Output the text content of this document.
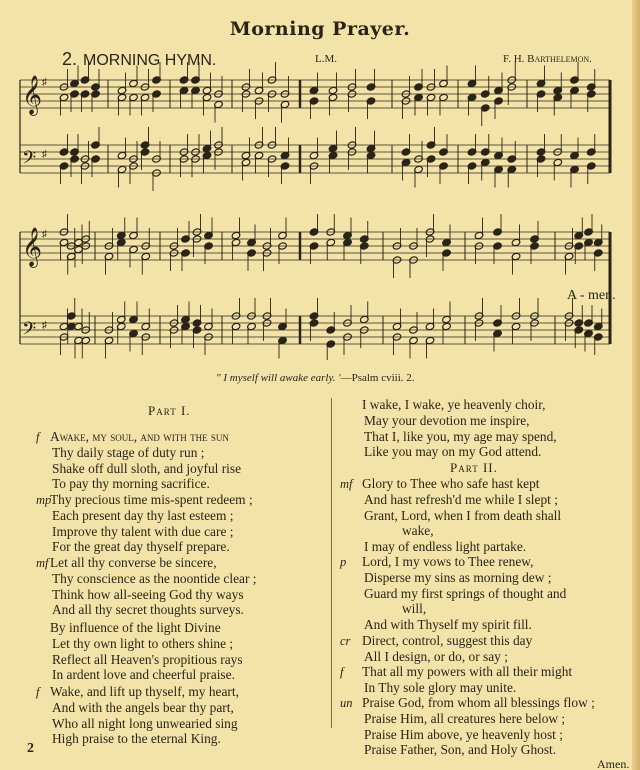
Morning Prayer.
2. MORNING HYMN.	L.M.	F. H. Barthelemon.
𝄞 ♯
𝄢 ♯
𝄞 ♯
𝄢 ♯
A - men.
" I myself will awake early. '—Psalm cviii. 2.
Part I.
Part II.
f Awake, my soul, and with the sun
Thy daily stage of duty run ;
Shake off dull sloth, and joyful rise
To pay thy morning sacrifice.
mp
Thy precious time mis-spent redeem ;
Each present day thy last esteem ;
Improve thy talent with due care ;
For the great day thyself prepare.
mf Let all thy converse be sincere,
Thy conscience as the noontide clear ;
Think how all-seeing God thy ways
And all thy secret thoughts surveys.
By influence of the light Divine
Let thy own light to others shine ;
Reflect all Heaven's propitious rays
In ardent love and cheerful praise.
f Wake, and lift up thyself, my heart,
And with the angels bear thy part,
Who all night long unwearied sing
High praise to the eternal King.
I wake, I wake, ye heavenly choir,
May your devotion me inspire,
That I, like you, my age may spend,
Like you may on my God attend.
mf Glory to Thee who safe hast kept
And hast refresh'd me while I slept ;
Grant, Lord, when I from death shall
wake,
I may of endless light partake.
p Lord, I my vows to Thee renew,
Disperse my sins as morning dew ;
Guard my first springs of thought and
will,
And with Thyself my spirit fill.
cr Direct, control, suggest this day
All I design, or do, or say ;
f That all my powers with all their might
In Thy sole glory may unite.
un Praise God, from whom all blessings flow ;
Praise Him, all creatures here below ;
Praise Him above, ye heavenly host ;
Praise Father, Son, and Holy Ghost.
Amen.
2
